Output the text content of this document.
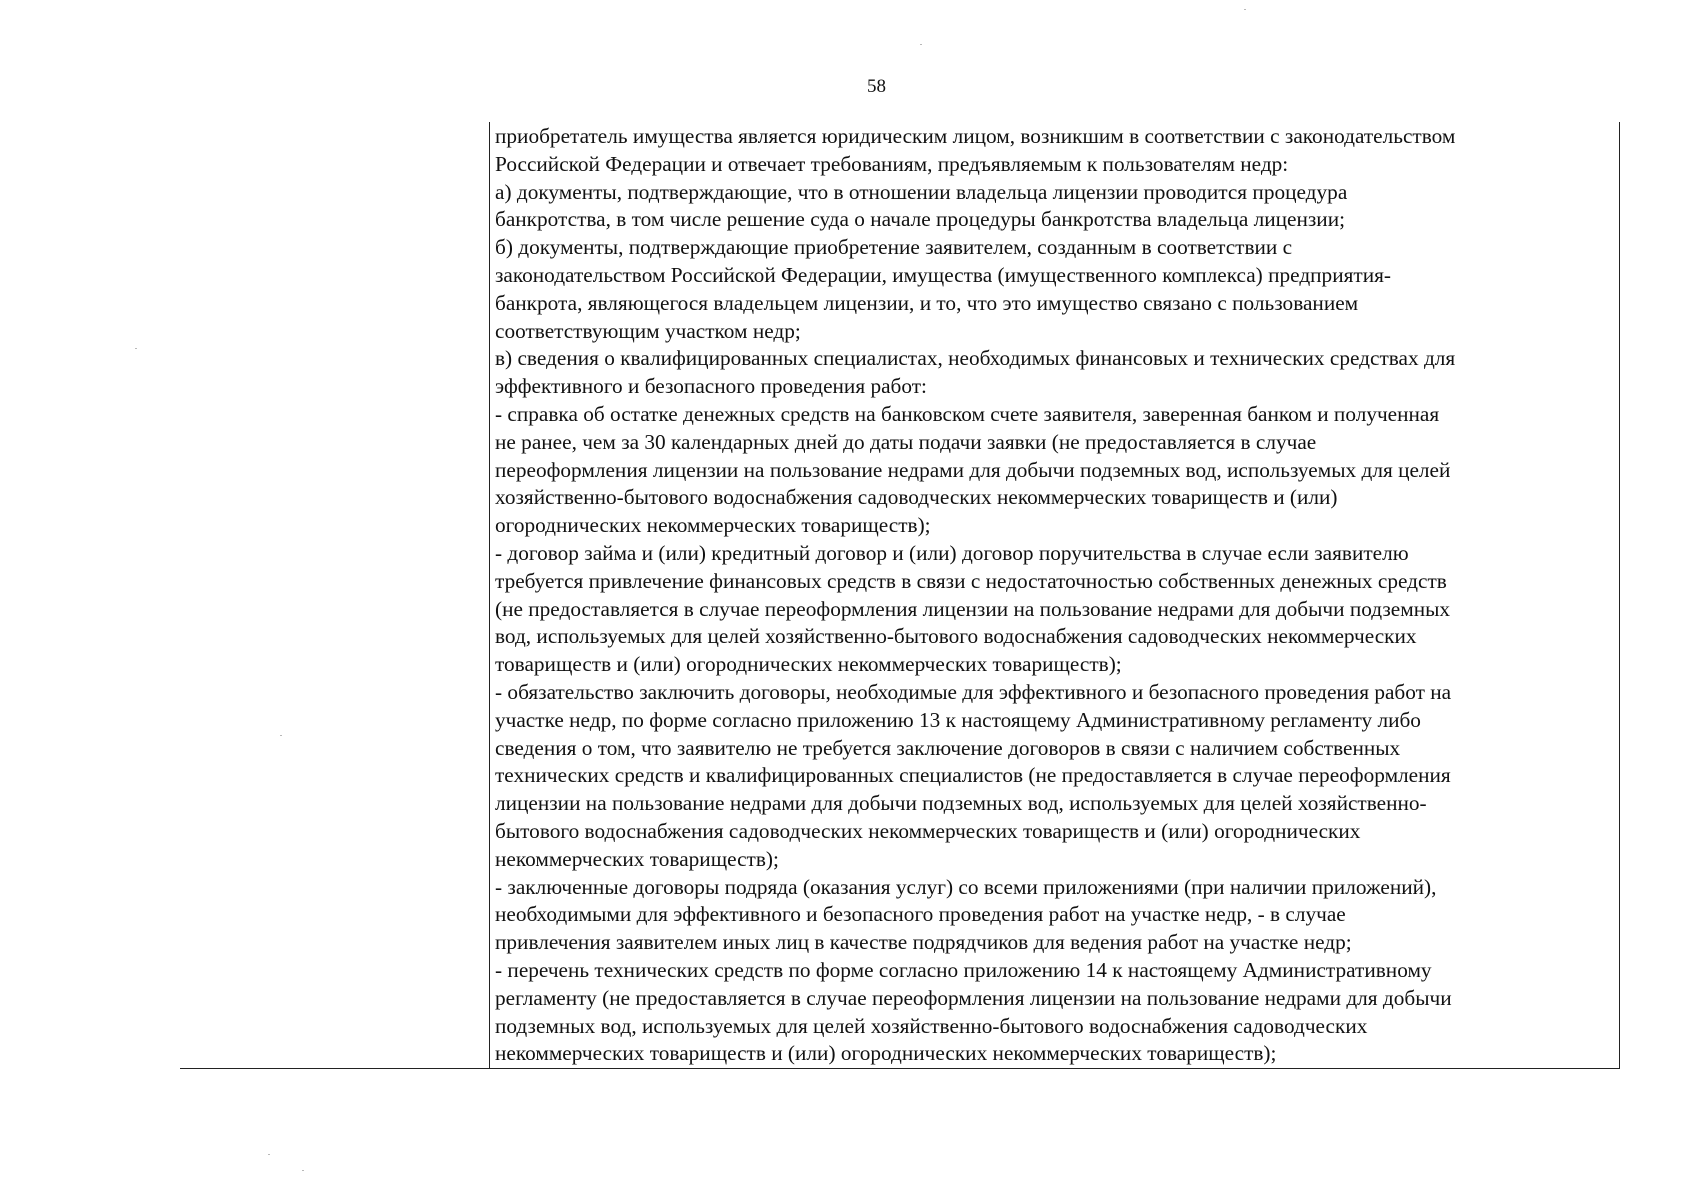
58

приобретатель имущества является юридическим лицом, возникшим в соответствии с законодательством
Российской Федерации и отвечает требованиям, предъявляемым к пользователям недр:
а) документы, подтверждающие, что в отношении владельца лицензии проводится процедура
банкротства, в том числе решение суда о начале процедуры банкротства владельца лицензии;
б) документы, подтверждающие приобретение заявителем, созданным в соответствии с
законодательством Российской Федерации, имущества (имущественного комплекса) предприятия-
банкрота, являющегося владельцем лицензии, и то, что это имущество связано с пользованием
соответствующим участком недр;
в) сведения о квалифицированных специалистах, необходимых финансовых и технических средствах для
эффективного и безопасного проведения работ:
- справка об остатке денежных средств на банковском счете заявителя, заверенная банком и полученная
не ранее, чем за 30 календарных дней до даты подачи заявки (не предоставляется в случае
переоформления лицензии на пользование недрами для добычи подземных вод, используемых для целей
хозяйственно-бытового водоснабжения садоводческих некоммерческих товариществ и (или)
огороднических некоммерческих товариществ);
- договор займа и (или) кредитный договор и (или) договор поручительства в случае если заявителю
требуется привлечение финансовых средств в связи с недостаточностью собственных денежных средств
(не предоставляется в случае переоформления лицензии на пользование недрами для добычи подземных
вод, используемых для целей хозяйственно-бытового водоснабжения садоводческих некоммерческих
товариществ и (или) огороднических некоммерческих товариществ);
- обязательство заключить договоры, необходимые для эффективного и безопасного проведения работ на
участке недр, по форме согласно приложению 13 к настоящему Административному регламенту либо
сведения о том, что заявителю не требуется заключение договоров в связи с наличием собственных
технических средств и квалифицированных специалистов (не предоставляется в случае переоформления
лицензии на пользование недрами для добычи подземных вод, используемых для целей хозяйственно-
бытового водоснабжения садоводческих некоммерческих товариществ и (или) огороднических
некоммерческих товариществ);
- заключенные договоры подряда (оказания услуг) со всеми приложениями (при наличии приложений),
необходимыми для эффективного и безопасного проведения работ на участке недр, - в случае
привлечения заявителем иных лиц в качестве подрядчиков для ведения работ на участке недр;
- перечень технических средств по форме согласно приложению 14 к настоящему Административному
регламенту (не предоставляется в случае переоформления лицензии на пользование недрами для добычи
подземных вод, используемых для целей хозяйственно-бытового водоснабжения садоводческих
некоммерческих товариществ и (или) огороднических некоммерческих товариществ);
